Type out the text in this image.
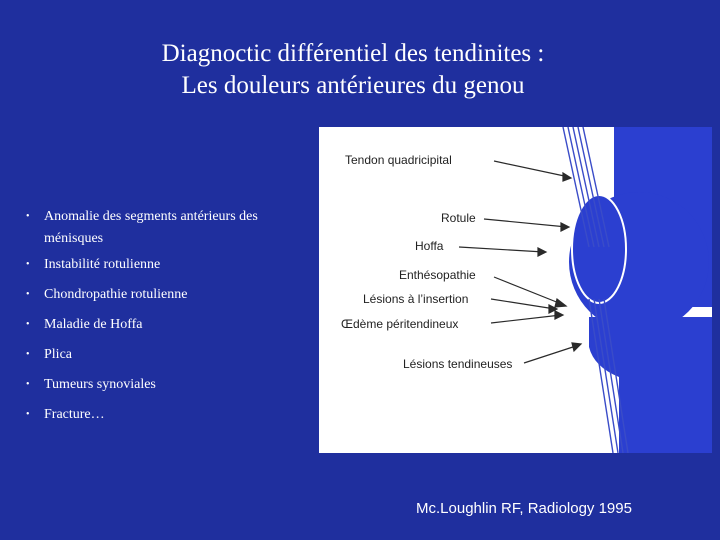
Diagnoctic différentiel des tendinites :
Les douleurs antérieures du genou
• Anomalie des segments antérieurs des ménisques
• Instabilité rotulienne
• Chondropathie rotulienne
• Maladie de Hoffa
• Plica
• Tumeurs synoviales
• Fracture…
Tendon quadricipital
Rotule
Hoffa
Enthésopathie
Lésions à l’insertion
Œdème péritendineux
Lésions tendineuses
Mc.Loughlin RF, Radiology 1995
